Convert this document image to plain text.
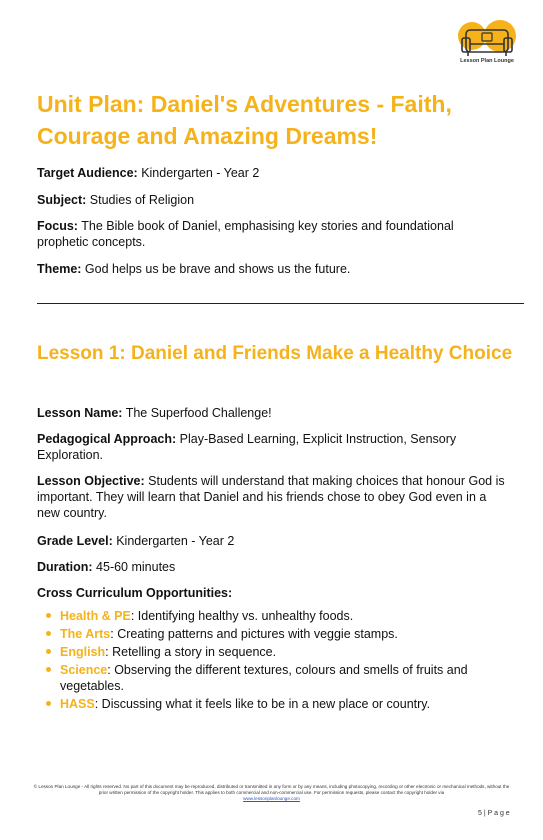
Lesson Plan Lounge
Unit Plan: Daniel's Adventures - Faith, Courage and Amazing Dreams!

Target Audience: Kindergarten - Year 2

Subject: Studies of Religion

Focus: The Bible book of Daniel, emphasising key stories and foundational prophetic concepts.

Theme: God helps us be brave and shows us the future.

Lesson 1: Daniel and Friends Make a Healthy Choice

Lesson Name: The Superfood Challenge!

Pedagogical Approach: Play-Based Learning, Explicit Instruction, Sensory Exploration.

Lesson Objective: Students will understand that making choices that honour God is important. They will learn that Daniel and his friends chose to obey God even in a new country.

Grade Level: Kindergarten - Year 2

Duration: 45-60 minutes

Cross Curriculum Opportunities:

Health & PE: Identifying healthy vs. unhealthy foods.
The Arts: Creating patterns and pictures with veggie stamps.
English: Retelling a story in sequence.
Science: Observing the different textures, colours and smells of fruits and vegetables.
HASS: Discussing what it feels like to be in a new place or country.
© Lesson Plan Lounge - All rights reserved. No part of this document may be reproduced, distributed or transmitted in any form or by any means, including photocopying, recording or other electronic or mechanical methods, without the prior written permission of the copyright holder. This applies to both commercial and non-commercial use. For permission requests, please contact the copyright holder via
www.lessonplanlounge.com
5 | P a g e
